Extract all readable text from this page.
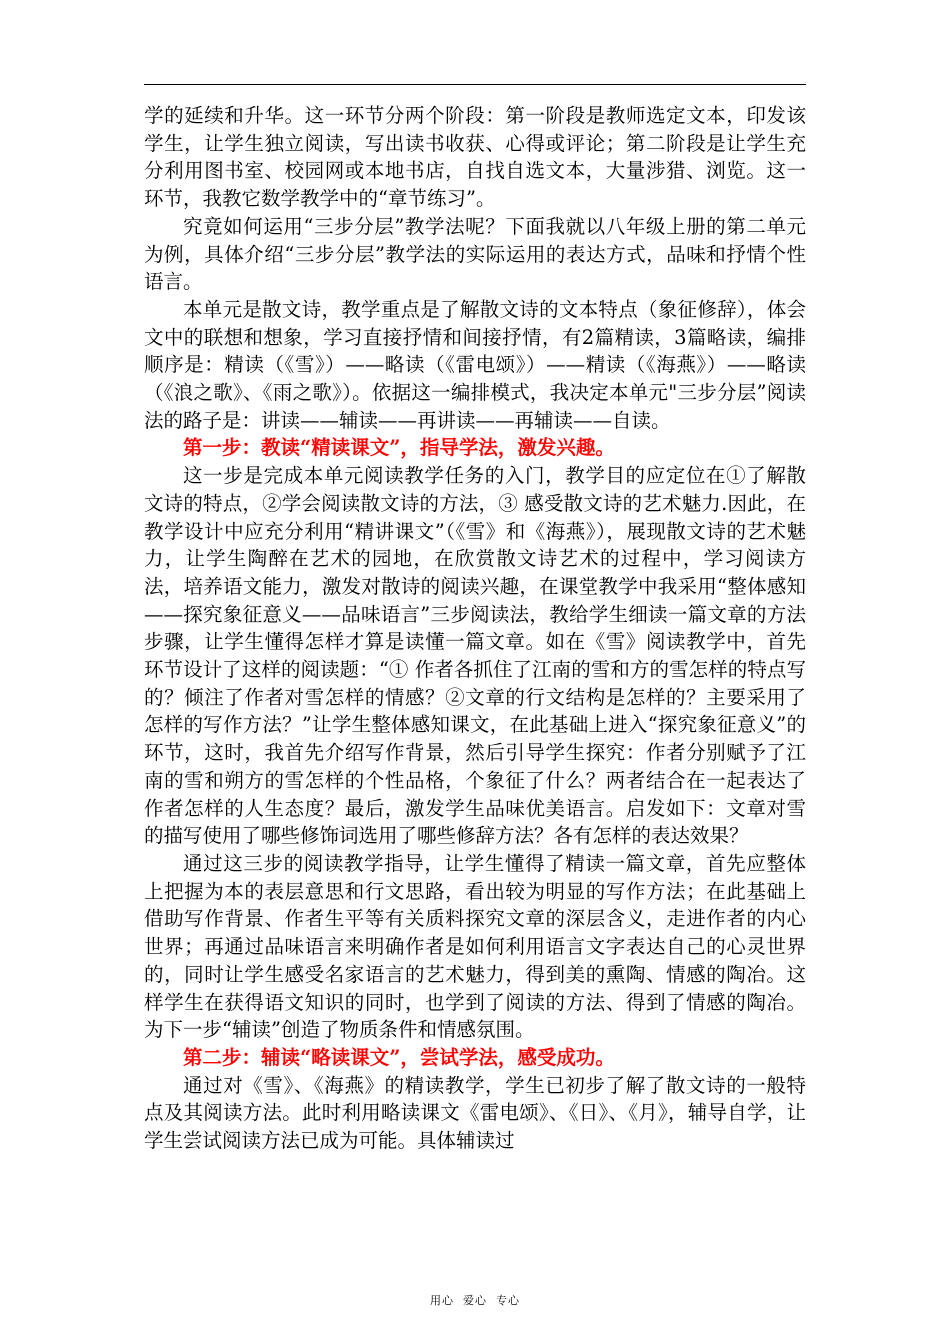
学的延续和升华。这一环节分两个阶段：第一阶段是教师选定文本，印发该学生，让学生独立阅读，写出读书收获、心得或评论；第二阶段是让学生充分利用图书室、校园网或本地书店，自找自选文本，大量涉猎、浏览。这一环节，我教它数学教学中的“章节练习”。

究竟如何运用“三步分层”教学法呢？下面我就以八年级上册的第二单元为例，具体介绍“三步分层”教学法的实际运用的表达方式，品味和抒情个性语言。

本单元是散文诗，教学重点是了解散文诗的文本特点（象征修辞），体会文中的联想和想象，学习直接抒情和间接抒情，有2篇精读，3篇略读，编排顺序是：精读（《雪》）——略读（《雷电颂》）——精读（《海燕》）——略读（《浪之歌》、《雨之歌》）。依据这一编排模式，我决定本单元"三步分层”阅读法的路子是：讲读——辅读——再讲读——再辅读——自读。

第一步：教读“精读课文”，指导学法，激发兴趣。

这一步是完成本单元阅读教学任务的入门，教学目的应定位在①了解散文诗的特点，②学会阅读散文诗的方法，③ 感受散文诗的艺术魅力.因此，在教学设计中应充分利用“精讲课文”（《雪》和《海燕》），展现散文诗的艺术魅力，让学生陶醉在艺术的园地，在欣赏散文诗艺术的过程中，学习阅读方法，培养语文能力，激发对散诗的阅读兴趣，在课堂教学中我采用“整体感知——探究象征意义——品味语言”三步阅读法，教给学生细读一篇文章的方法步骤，让学生懂得怎样才算是读懂一篇文章。如在《雪》阅读教学中，首先环节设计了这样的阅读题：“① 作者各抓住了江南的雪和方的雪怎样的特点写的？倾注了作者对雪怎样的情感？②文章的行文结构是怎样的？主要采用了怎样的写作方法？”让学生整体感知课文，在此基础上进入“探究象征意义”的环节，这时，我首先介绍写作背景，然后引导学生探究：作者分别赋予了江南的雪和朔方的雪怎样的个性品格，个象征了什么？两者结合在一起表达了作者怎样的人生态度？最后，激发学生品味优美语言。启发如下：文章对雪的描写使用了哪些修饰词选用了哪些修辞方法？各有怎样的表达效果？

通过这三步的阅读教学指导，让学生懂得了精读一篇文章，首先应整体上把握为本的表层意思和行文思路，看出较为明显的写作方法；在此基础上借助写作背景、作者生平等有关质料探究文章的深层含义，走进作者的内心世界；再通过品味语言来明确作者是如何利用语言文字表达自己的心灵世界的，同时让学生感受名家语言的艺术魅力，得到美的熏陶、情感的陶冶。这样学生在获得语文知识的同时，也学到了阅读的方法、得到了情感的陶冶。为下一步“辅读”创造了物质条件和情感氛围。

第二步：辅读“略读课文”，尝试学法，感受成功。

通过对《雪》、《海燕》的精读教学，学生已初步了解了散文诗的一般特点及其阅读方法。此时利用略读课文《雷电颂》、《日》、《月》，辅导自学，让学生尝试阅读方法已成为可能。具体辅读过

用心  爱心  专心
